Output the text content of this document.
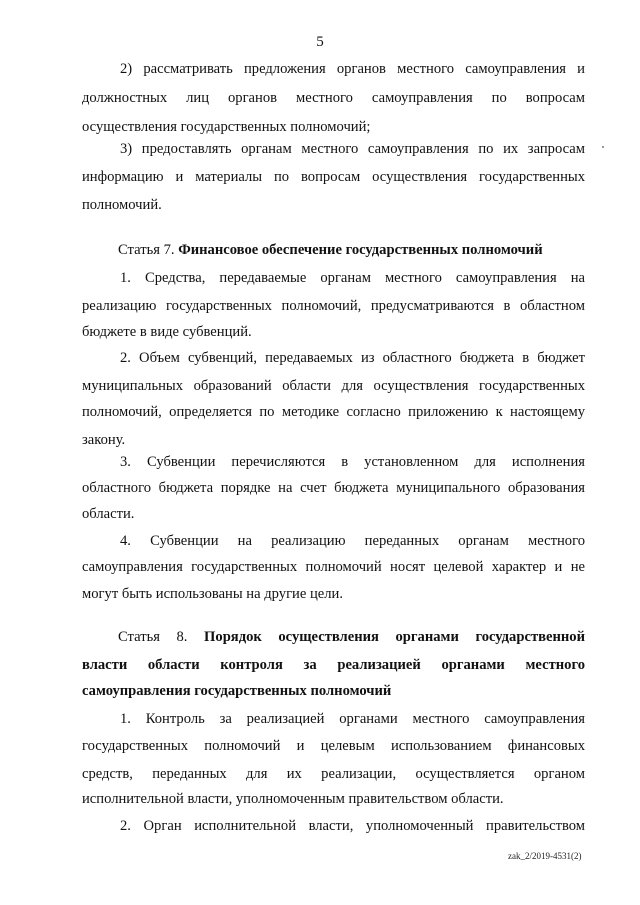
5
2) рассматривать предложения органов местного самоуправления и
должностных лиц органов местного самоуправления по вопросам
осуществления государственных полномочий;
3) предоставлять органам местного самоуправления по их запросам
информацию и материалы по вопросам осуществления государственных
полномочий.
1. Средства, передаваемые органам местного самоуправления на
реализацию государственных полномочий, предусматриваются в областном
бюджете в виде субвенций.
2. Объем субвенций, передаваемых из областного бюджета в бюджет
муниципальных образований области для осуществления государственных
полномочий, определяется по методике согласно приложению к настоящему
закону.
3. Субвенции перечисляются в установленном для исполнения
областного бюджета порядке на счет бюджета муниципального образования
области.
4. Субвенции на реализацию переданных органам местного
самоуправления государственных полномочий носят целевой характер и не
могут быть использованы на другие цели.
1. Контроль за реализацией органами местного самоуправления
государственных полномочий и целевым использованием финансовых
средств, переданных для их реализации, осуществляется органом
исполнительной власти, уполномоченным правительством области.
2. Орган исполнительной власти, уполномоченный правительством
Статья 7. Финансовое обеспечение государственных полномочий
Статья 8. Порядок осуществления органами государственной
власти области контроля за реализацией органами местного
самоуправления государственных полномочий
zak_2/2019-4531(2)
